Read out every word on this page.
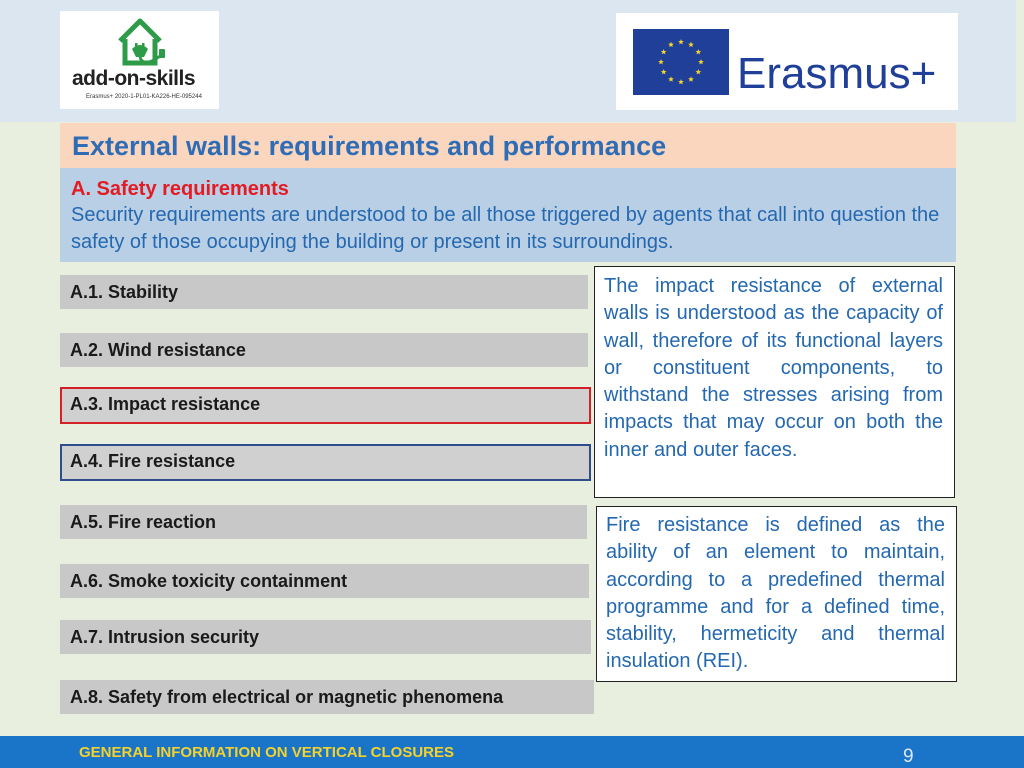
add-on-skills
Erasmus+ 2020-1-PL01-KA226-HE-095244	Erasmus+
External walls: requirements and performance
A. Safety requirements
Security requirements are understood to be all those triggered by agents that call into question the safety of those occupying the building or present in its surroundings.
A.1. Stability
A.2. Wind resistance
A.3. Impact resistance
A.4. Fire resistance
A.5. Fire reaction
A.6. Smoke toxicity containment
A.7. Intrusion security
A.8. Safety from electrical or magnetic phenomena
The impact resistance of external walls is understood as the capacity of wall, therefore of its functional layers or constituent components, to withstand the stresses arising from impacts that may occur on both the inner and outer faces.
Fire resistance is defined as the ability of an element to maintain, according to a predefined thermal programme and for a defined time, stability, hermeticity and thermal insulation (REI).
GENERAL INFORMATION ON VERTICAL CLOSURES	9
